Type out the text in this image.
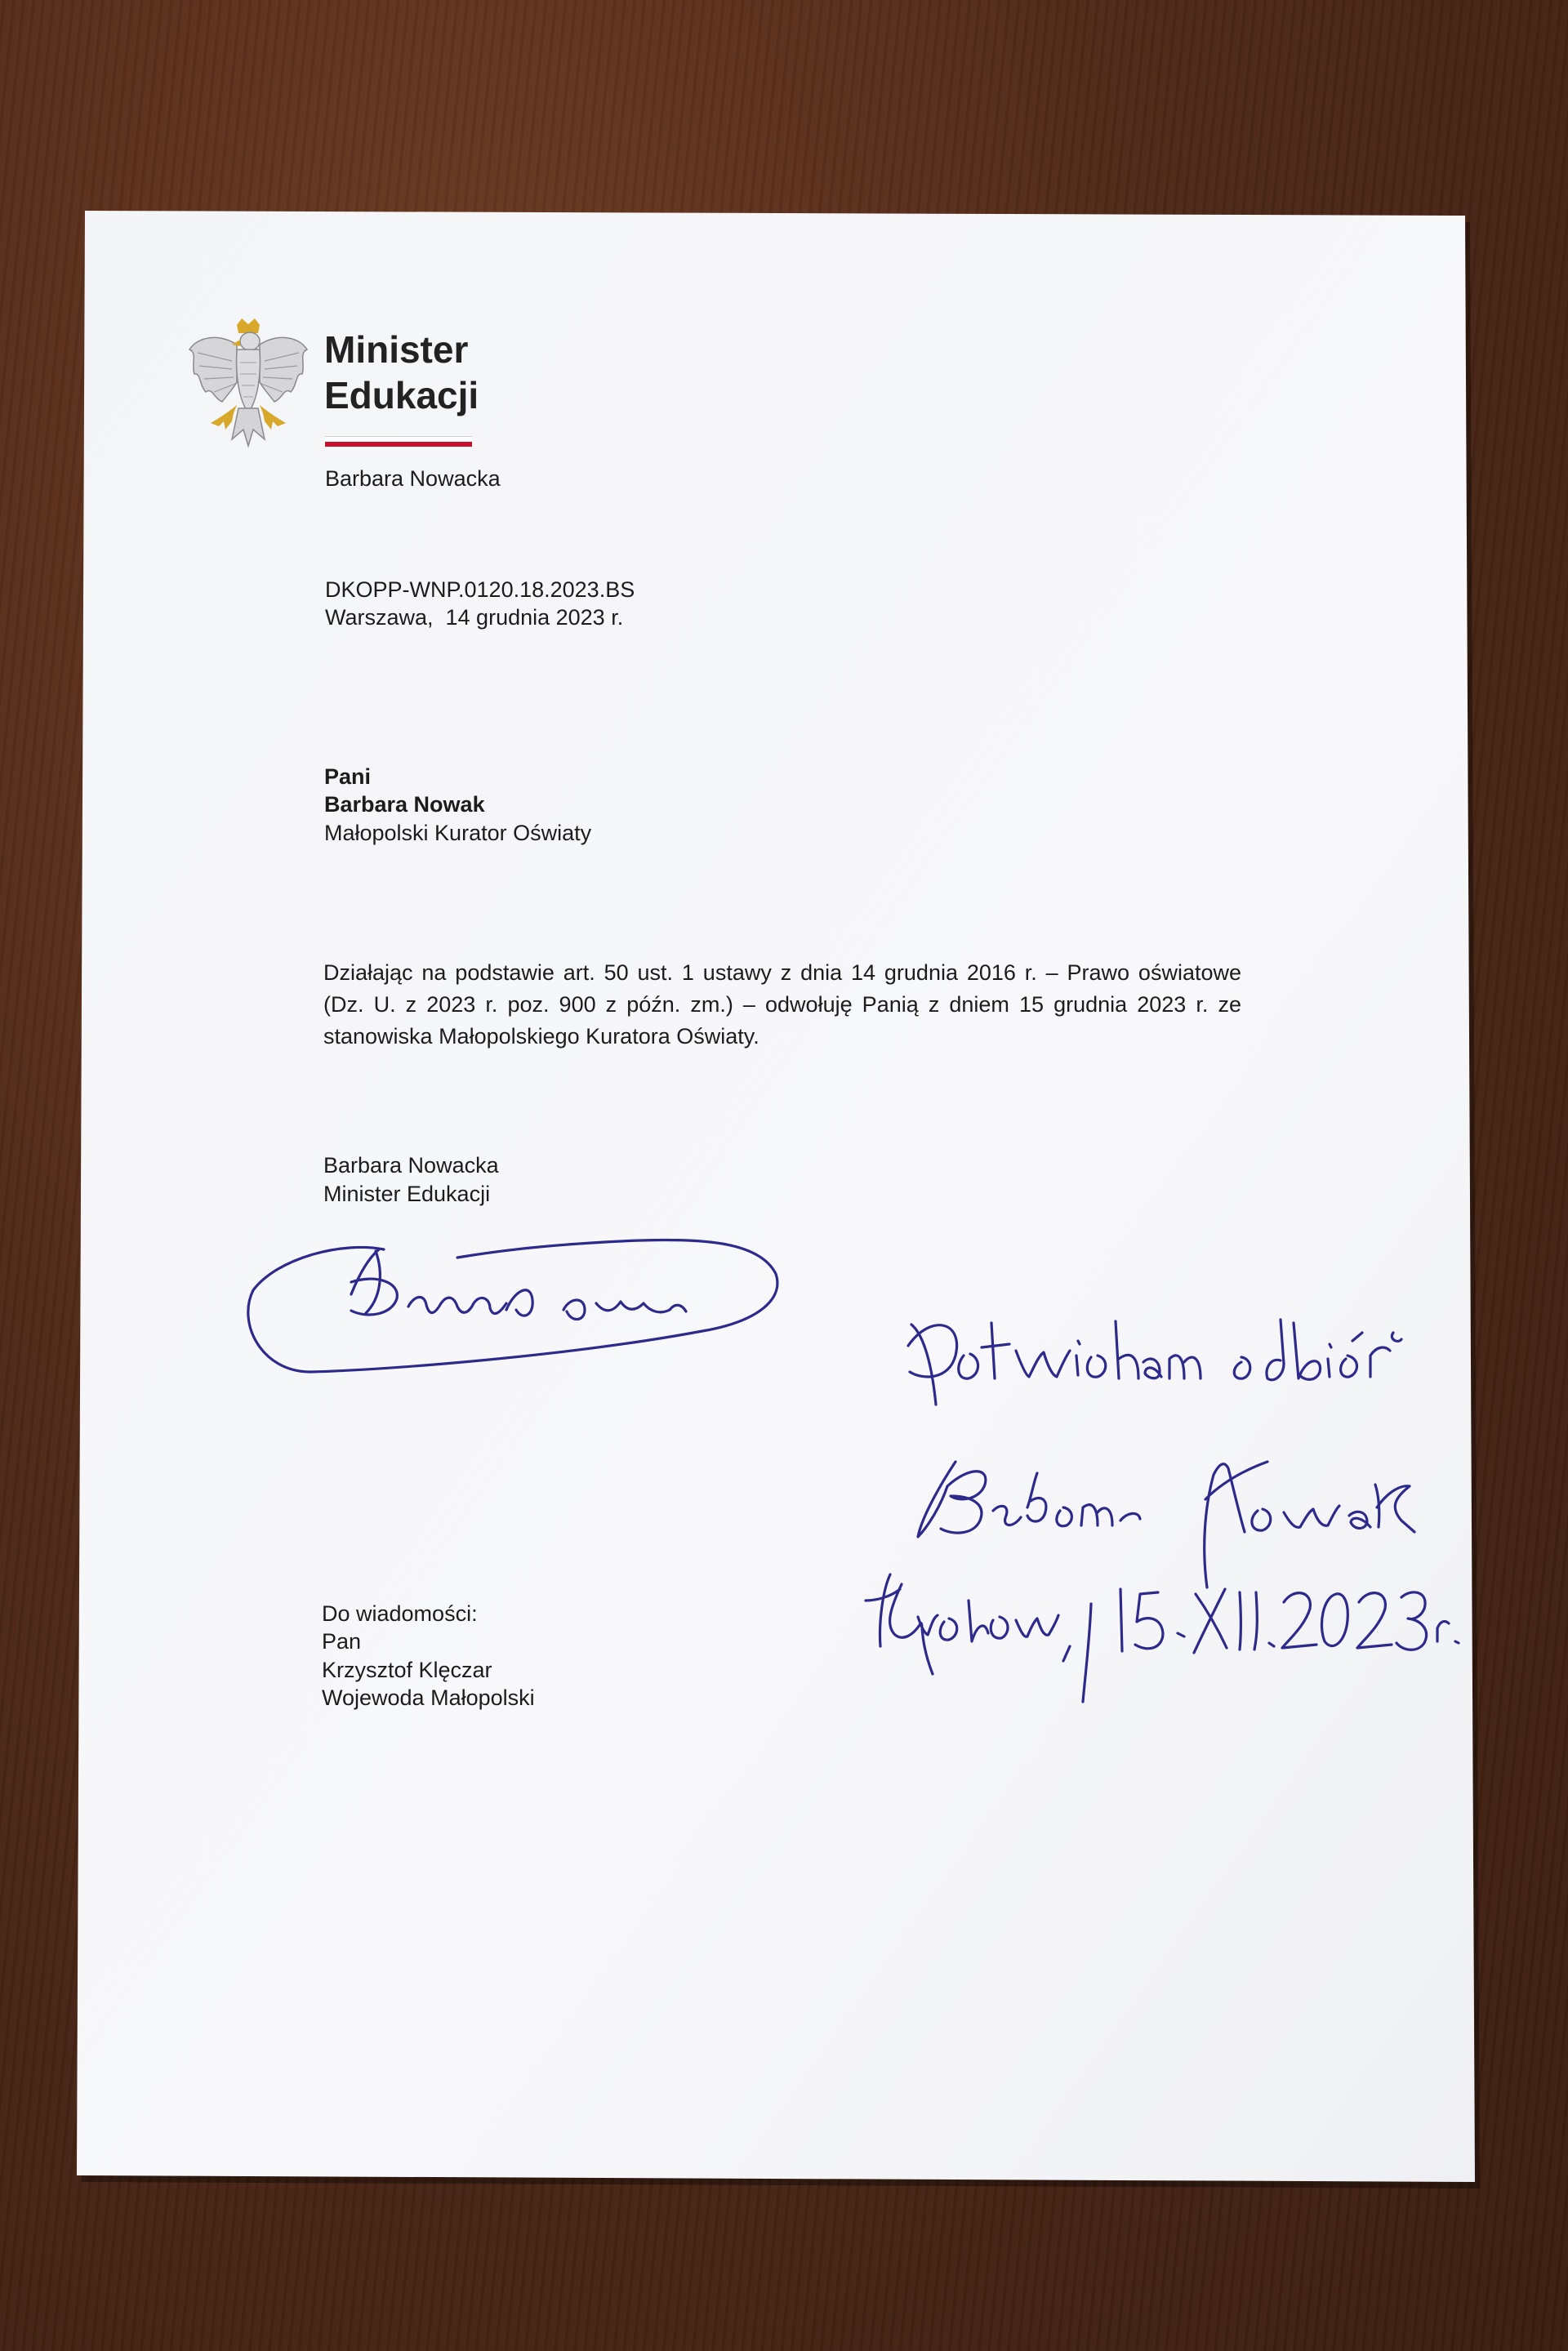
Minister
Edukacji

Barbara Nowacka

DKOPP-WNP.0120.18.2023.BS

Warszawa,  14 grudnia 2023 r.

Pani

Barbara Nowak

Małopolski Kurator Oświaty

Działając na podstawie art. 50 ust. 1 ustawy z dnia 14 grudnia 2016 r. – Prawo oświatowe (Dz. U. z 2023 r. poz. 900 z późn. zm.) – odwołuję Panią z dniem 15 grudnia 2023 r. ze stanowiska Małopolskiego Kuratora Oświaty.

Barbara Nowacka

Minister Edukacji

Do wiadomości:

Pan

Krzysztof Klęczar

Wojewoda Małopolski
